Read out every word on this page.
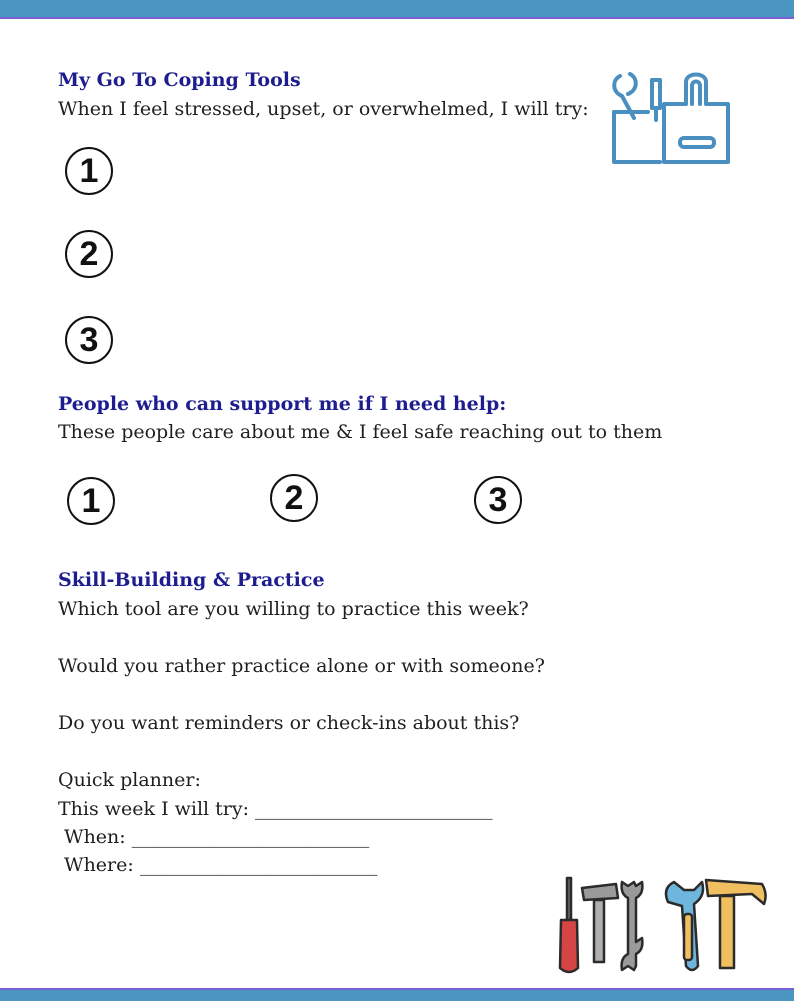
My Go To Coping Tools

When I feel stressed, upset, or overwhelmed, I will try:

1
2
3
People who can support me if I need help:

These people care about me & I feel safe reaching out to them

1	2	3
Skill-Building & Practice

Which tool are you willing to practice this week?

Would you rather practice alone or with someone?

Do you want reminders or check-ins about this?

Quick planner:

This week I will try: _________________________

When: _________________________

Where: _________________________
